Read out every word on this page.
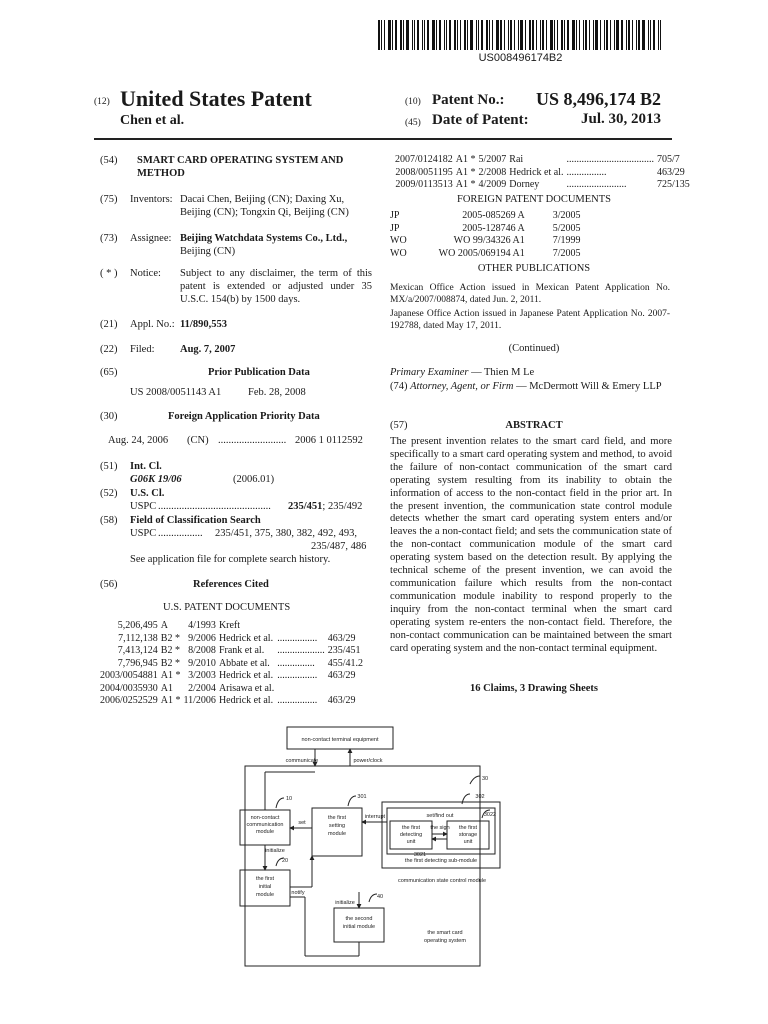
US008496174B2
(12) United States Patent
Chen et al.
(10) Patent No.: US 8,496,174 B2
(45) Date of Patent:	Jul. 30, 2013
(54) SMART CARD OPERATING SYSTEM AND METHOD
(75) Inventors: Dacai Chen, Beijing (CN); Daxing Xu, Beijing (CN); Tongxin Qi, Beijing (CN)
(73) Assignee: Beijing Watchdata Systems Co., Ltd.,
Beijing (CN)
( * ) Notice: Subject to any disclaimer, the term of this patent is extended or adjusted under 35 U.S.C. 154(b) by 1500 days.
(21) Appl. No.: 11/890,553
(22) Filed: Aug. 7, 2007
(65)	Prior Publication Data
US 2008/0051143 A1	Feb. 28, 2008
(30)	Foreign Application Priority Data
Aug. 24, 2006 (CN) .......................... 2006 1 0112592
(51) Int. Cl.
G06K 19/06	(2006.01)
(52) U.S. Cl.
USPC ........................................... 235/451; 235/492
(58) Field of Classification Search
USPC ................. 235/451, 375, 380, 382, 492, 493,
235/487, 486
See application file for complete search history.
(56)	References Cited
U.S. PATENT DOCUMENTS
5,206,495	A	4/1993	Kreft		
7,112,138	B2 *	9/2006	Hedrick et al.	................	463/29
7,413,124	B2 *	8/2008	Frank et al.	...................	235/451
7,796,945	B2 *	9/2010	Abbate et al.	...............	455/41.2
2003/0054881	A1 *	3/2003	Hedrick et al.	................	463/29
2004/0035930	A1	2/2004	Arisawa et al.		
2006/0252529	A1 *	11/2006	Hedrick et al.	................	463/29
2007/0124182	A1 *	5/2007	Rai	...................................	705/7
2008/0051195	A1 *	2/2008	Hedrick et al.	................	463/29
2009/0113513	A1 *	4/2009	Dorney	........................	725/135
FOREIGN PATENT DOCUMENTS
JP	2005-085269 A	3/2005
JP	2005-128746 A	5/2005
WO	WO 99/34326 A1	7/1999
WO	WO 2005/069194 A1	7/2005
OTHER PUBLICATIONS
Mexican Office Action issued in Mexican Patent Application No. MX/a/2007/008874, dated Jun. 2, 2011.
Japanese Office Action issued in Japanese Patent Application No. 2007-192788, dated May 17, 2011.
(Continued)
Primary Examiner — Thien M Le
(74) Attorney, Agent, or Firm — McDermott Will & Emery LLP
(57)	ABSTRACT
The present invention relates to the smart card field, and more specifically to a smart card operating system and method, to avoid the failure of non-contact communication of the smart card operating system resulting from its inability to obtain the information of access to the non-contact field in the prior art. In the present invention, the communication state control module detects whether the smart card operating system enters and/or leaves the a non-contact field; and sets the communication state of the non-contact communication module of the smart card operating system based on the detection result. By applying the technical scheme of the present invention, we can avoid the communication failure which results from the non-contact communication module inability to respond properly to the inquiry from the non-contact terminal when the smart card operating system re-enters the non-contact field. Therefore, the non-contact communication can be maintained between the smart card operating system and the non-contact terminal equipment.
16 Claims, 3 Drawing Sheets
non-contact terminal equipment
communicate	power/clock
30
10	301	302
3022
3021
20
40
non-contact
communication
module
set
the first
setting
module
interrupt	set/find out
the sign
the first
detecting
unit
the first
storage
unit
the first detecting sub-module
communication state control module
initialize
the first
initial
module	notify
initialize
the second
initial module
the smart card
operating system
